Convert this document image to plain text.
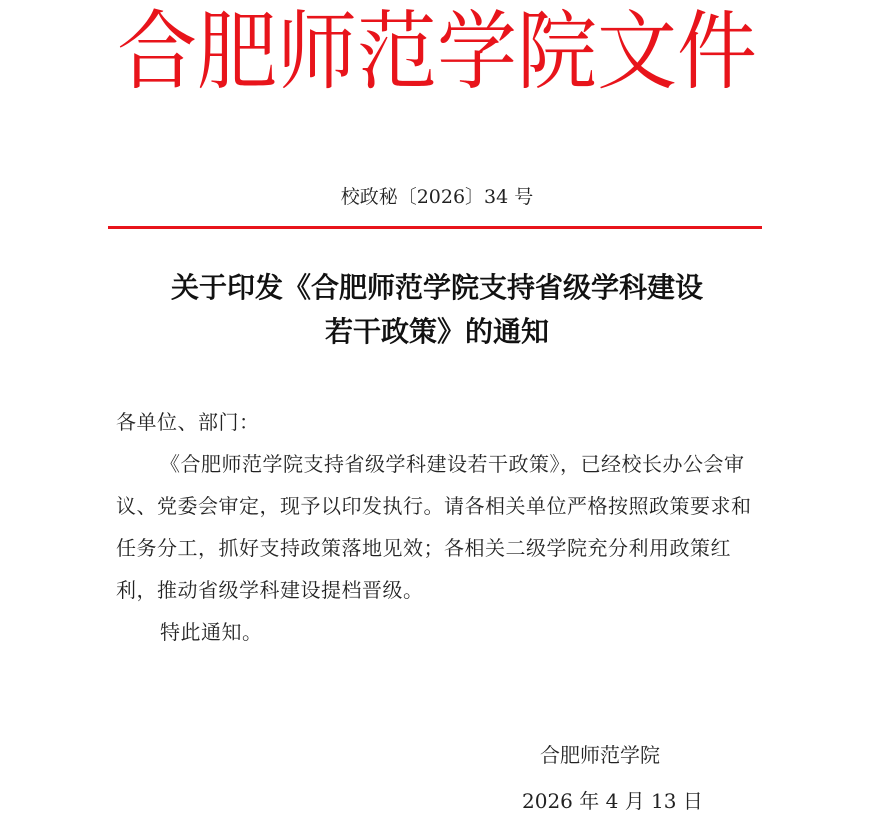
合肥师范学院文件
校政秘〔2026〕34 号
关于印发《合肥师范学院支持省级学科建设
若干政策》的通知

各单位、部门：

《合肥师范学院支持省级学科建设若干政策》，已经校长办公会审议、党委会审定，现予以印发执行。请各相关单位严格按照政策要求和任务分工，抓好支持政策落地见效；各相关二级学院充分利用政策红利，推动省级学科建设提档晋级。

特此通知。

合肥师范学院
2026 年 4 月 13 日
